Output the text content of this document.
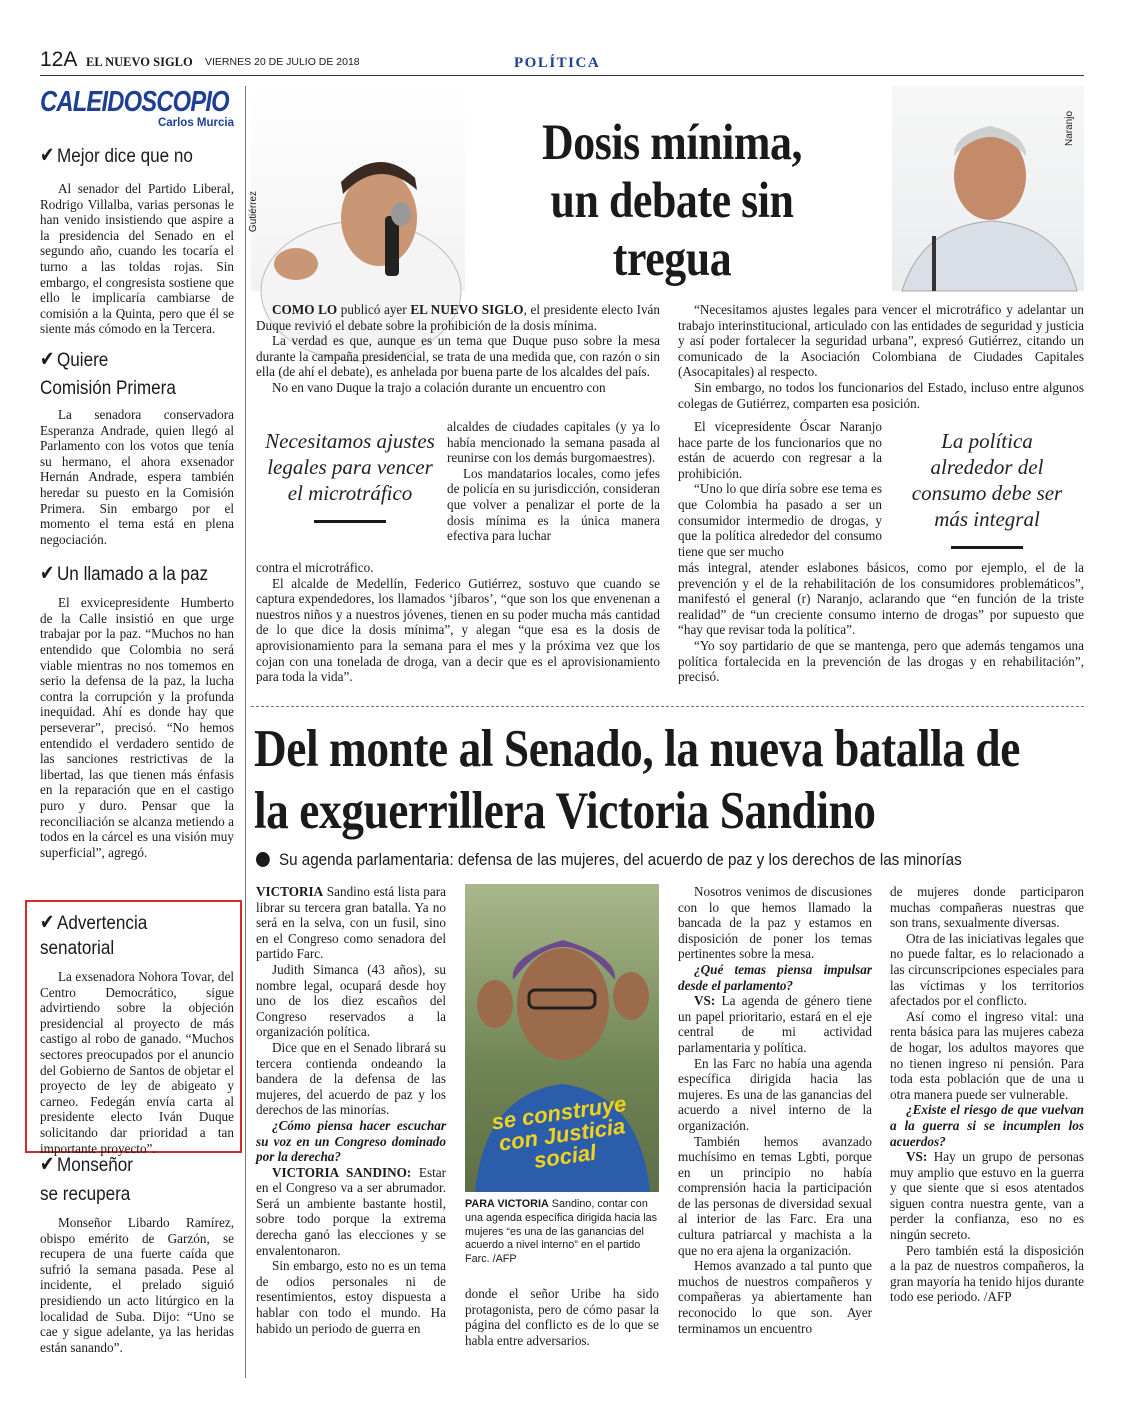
12A EL NUEVO SIGLO VIERNES 20 DE JULIO DE 2018	POLÍTICA
CALEIDOSCOPIO
Carlos Murcia
✔ Mejor dice que no
Al senador del Partido Liberal, Rodrigo Villalba, varias personas le han venido insistiendo que aspire a la presidencia del Senado en el segundo año, cuando les tocaría el turno a las toldas rojas. Sin embargo, el congresista sostiene que ello le implicaría cambiarse de comisión a la Quinta, pero que él se siente más cómodo en la Tercera.
✔ Quiere
Comisión Primera
La senadora conservadora Esperanza Andrade, quien llegó al Parlamento con los votos que tenía su hermano, el ahora exsenador Hernán Andrade, espera también heredar su puesto en la Comisión Primera. Sin embargo por el momento el tema está en plena negociación.
✔ Un llamado a la paz
El exvicepresidente Humberto de la Calle insistió en que urge trabajar por la paz. “Muchos no han entendido que Colombia no será viable mientras no nos tomemos en serio la defensa de la paz, la lucha contra la corrupción y la profunda inequidad. Ahí es donde hay que perseverar”, precisó. “No hemos entendido el verdadero sentido de las sanciones restrictivas de la libertad, las que tienen más énfasis en la reparación que en el castigo puro y duro. Pensar que la reconciliación se alcanza metiendo a todos en la cárcel es una visión muy superficial”, agregó.
✔ Advertencia senatorial
La exsenadora Nohora Tovar, del Centro Democrático, sigue advirtiendo sobre la objeción presidencial al proyecto de más castigo al robo de ganado. “Muchos sectores preocupados por el anuncio del Gobierno de Santos de objetar el proyecto de ley de abigeato y carneo. Fedegán envía carta al presidente electo Iván Duque solicitando dar prioridad a tan importante proyecto”.
✔ Monseñor
se recupera
Monseñor Libardo Ramírez, obispo emérito de Garzón, se recupera de una fuerte caída que sufrió la semana pasada. Pese al incidente, el prelado siguió presidiendo un acto litúrgico en la localidad de Suba. Dijo: “Uno se cae y sigue adelante, ya las heridas están sanando”.
Gutiérrez
Dosis mínima, un debate sin tregua
Naranjo

COMO LO publicó ayer EL NUEVO SIGLO, el presidente electo Iván Duque revivió el debate sobre la prohibición de la dosis mínima.

La verdad es que, aunque es un tema que Duque puso sobre la mesa durante la campaña presidencial, se trata de una medida que, con razón o sin ella (de ahí el debate), es anhelada por buena parte de los alcaldes del país.

No en vano Duque la trajo a colación durante un encuentro con

Necesitamos ajustes legales para vencer el microtráfico

alcaldes de ciudades capitales (y ya lo había mencionado la semana pasada al reunirse con los demás burgomaestres).

Los mandatarios locales, como jefes de policía en su jurisdicción, consideran que volver a penalizar el porte de la dosis mínima es la única manera efectiva para luchar

contra el microtráfico.

El alcalde de Medellín, Federico Gutiérrez, sostuvo que cuando se captura expendedores, los llamados ‘jíbaros’, “que son los que envenenan a nuestros niños y a nuestros jóvenes, tienen en su poder mucha más cantidad de lo que dice la dosis mínima”, y alegan “que esa es la dosis de aprovisionamiento para la semana para el mes y la próxima vez que los cojan con una tonelada de droga, van a decir que es el aprovisionamiento para toda la vida”.

“Necesitamos ajustes legales para vencer el microtráfico y adelantar un trabajo interinstitucional, articulado con las entidades de seguridad y justicia y así poder fortalecer la seguridad urbana”, expresó Gutiérrez, citando un comunicado de la Asociación Colombiana de Ciudades Capitales (Asocapitales) al respecto.

Sin embargo, no todos los funcionarios del Estado, incluso entre algunos colegas de Gutiérrez, comparten esa posición.

El vicepresidente Óscar Naranjo hace parte de los funcionarios que no están de acuerdo con regresar a la prohibición.

“Uno lo que diría sobre ese tema es que Colombia ha pasado a ser un consumidor intermedio de drogas, y que la política alrededor del consumo tiene que ser mucho

La política alrededor del consumo debe ser más integral

más integral, atender eslabones básicos, como por ejemplo, el de la prevención y el de la rehabilitación de los consumidores problemáticos”, manifestó el general (r) Naranjo, aclarando que “en función de la triste realidad” de “un creciente consumo interno de drogas” por supuesto que “hay que revisar toda la política”.

“Yo soy partidario de que se mantenga, pero que además tengamos una política fortalecida en la prevención de las drogas y en rehabilitación”, precisó.

Del monte al Senado, la nueva batalla de la exguerrillera Victoria Sandino
Su agenda parlamentaria: defensa de las mujeres, del acuerdo de paz y los derechos de las minorías

VICTORIA Sandino está lista para librar su tercera gran batalla. Ya no será en la selva, con un fusil, sino en el Congreso como senadora del partido Farc.

Judith Simanca (43 años), su nombre legal, ocupará desde hoy uno de los diez escaños del Congreso reservados a la organización política.

Dice que en el Senado librará su tercera contienda ondeando la bandera de la defensa de las mujeres, del acuerdo de paz y los derechos de las minorías.

¿Cómo piensa hacer escuchar su voz en un Congreso dominado por la derecha?

VICTORIA SANDINO: Estar en el Congreso va a ser abrumador. Será un ambiente bastante hostil, sobre todo porque la extrema derecha ganó las elecciones y se envalentonaron.

Sin embargo, esto no es un tema de odios personales ni de resentimientos, estoy dispuesta a hablar con todo el mundo. Ha habido un periodo de guerra en

se construye con Justicia social
PARA VICTORIA Sandino, contar con una agenda específica dirigida hacia las mujeres “es una de las ganancias del acuerdo a nivel interno” en el partido Farc. /AFP

donde el señor Uribe ha sido protagonista, pero de cómo pasar la página del conflicto es de lo que se habla entre adversarios.

Nosotros venimos de discusiones con lo que hemos llamado la bancada de la paz y estamos en disposición de poner los temas pertinentes sobre la mesa.

¿Qué temas piensa impulsar desde el parlamento?

VS: La agenda de género tiene un papel prioritario, estará en el eje central de mi actividad parlamentaria y política.

En las Farc no había una agenda específica dirigida hacia las mujeres. Es una de las ganancias del acuerdo a nivel interno de la organización.

También hemos avanzado muchísimo en temas Lgbti, porque en un principio no había comprensión hacia la participación de las personas de diversidad sexual al interior de las Farc. Era una cultura patriarcal y machista a la que no era ajena la organización.

Hemos avanzado a tal punto que muchos de nuestros compañeros y compañeras ya abiertamente han reconocido lo que son. Ayer terminamos un encuentro

de mujeres donde participaron muchas compañeras nuestras que son trans, sexualmente diversas.

Otra de las iniciativas legales que no puede faltar, es lo relacionado a las circunscripciones especiales para las víctimas y los territorios afectados por el conflicto.

Así como el ingreso vital: una renta básica para las mujeres cabeza de hogar, los adultos mayores que no tienen ingreso ni pensión. Para toda esta población que de una u otra manera puede ser vulnerable.

¿Existe el riesgo de que vuelvan a la guerra si se incumplen los acuerdos?

VS: Hay un grupo de personas muy amplio que estuvo en la guerra y que siente que si esos atentados siguen contra nuestra gente, van a perder la confianza, eso no es ningún secreto.

Pero también está la disposición a la paz de nuestros compañeros, la gran mayoría ha tenido hijos durante todo ese periodo. /AFP
